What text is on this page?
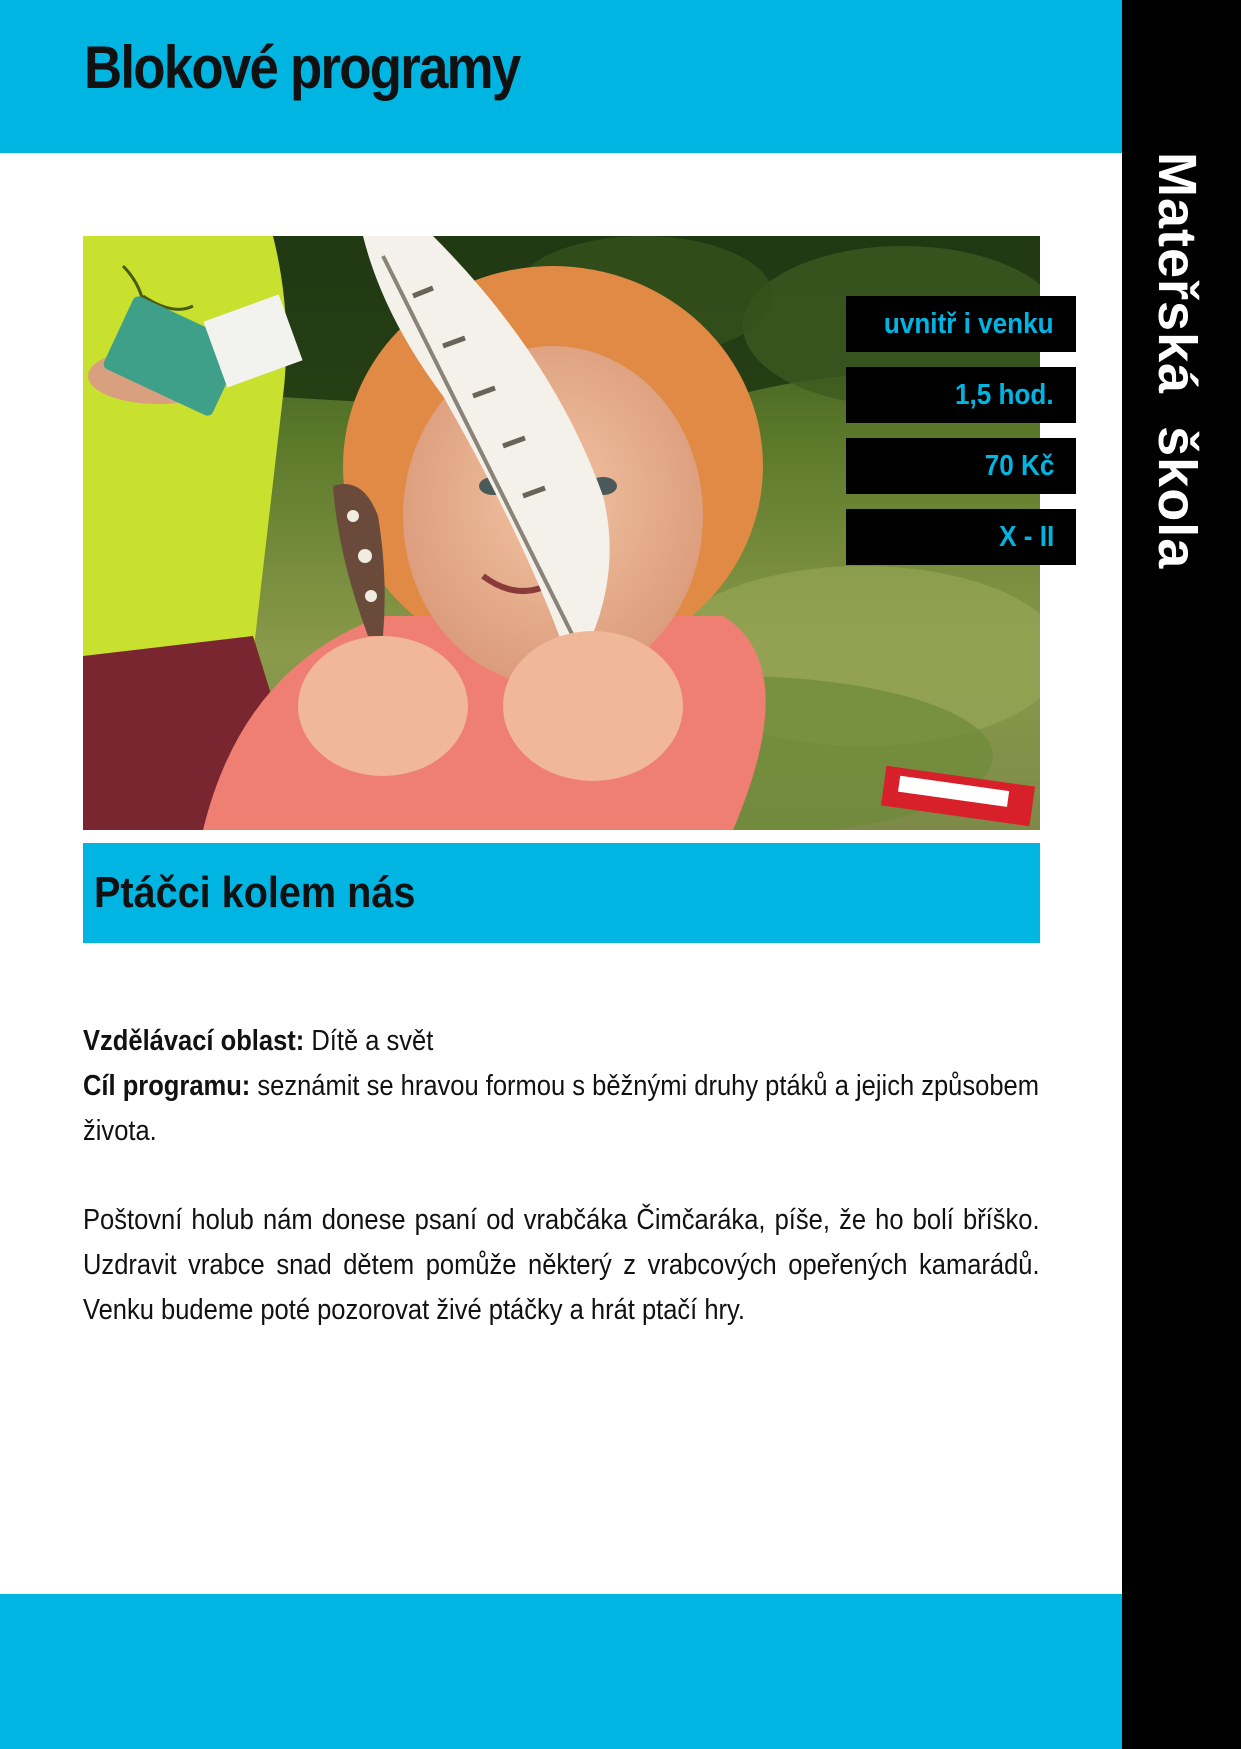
Blokové programy
Mateřská  škola
uvnitř i venku
1,5 hod.
70 Kč
X - II
Ptáčci kolem nás
Vzdělávací oblast: Dítě a svět
Cíl programu: seznámit se hravou formou s běžnými druhy ptáků a jejich způsobem života.
Poštovní holub nám donese psaní od vrabčáka Čimčaráka, píše, že ho bolí bříško. Uzdravit vrabce snad dětem pomůže některý z vrabcových opeřených kamarádů. Venku budeme poté pozorovat živé ptáčky a hrát ptačí hry.
